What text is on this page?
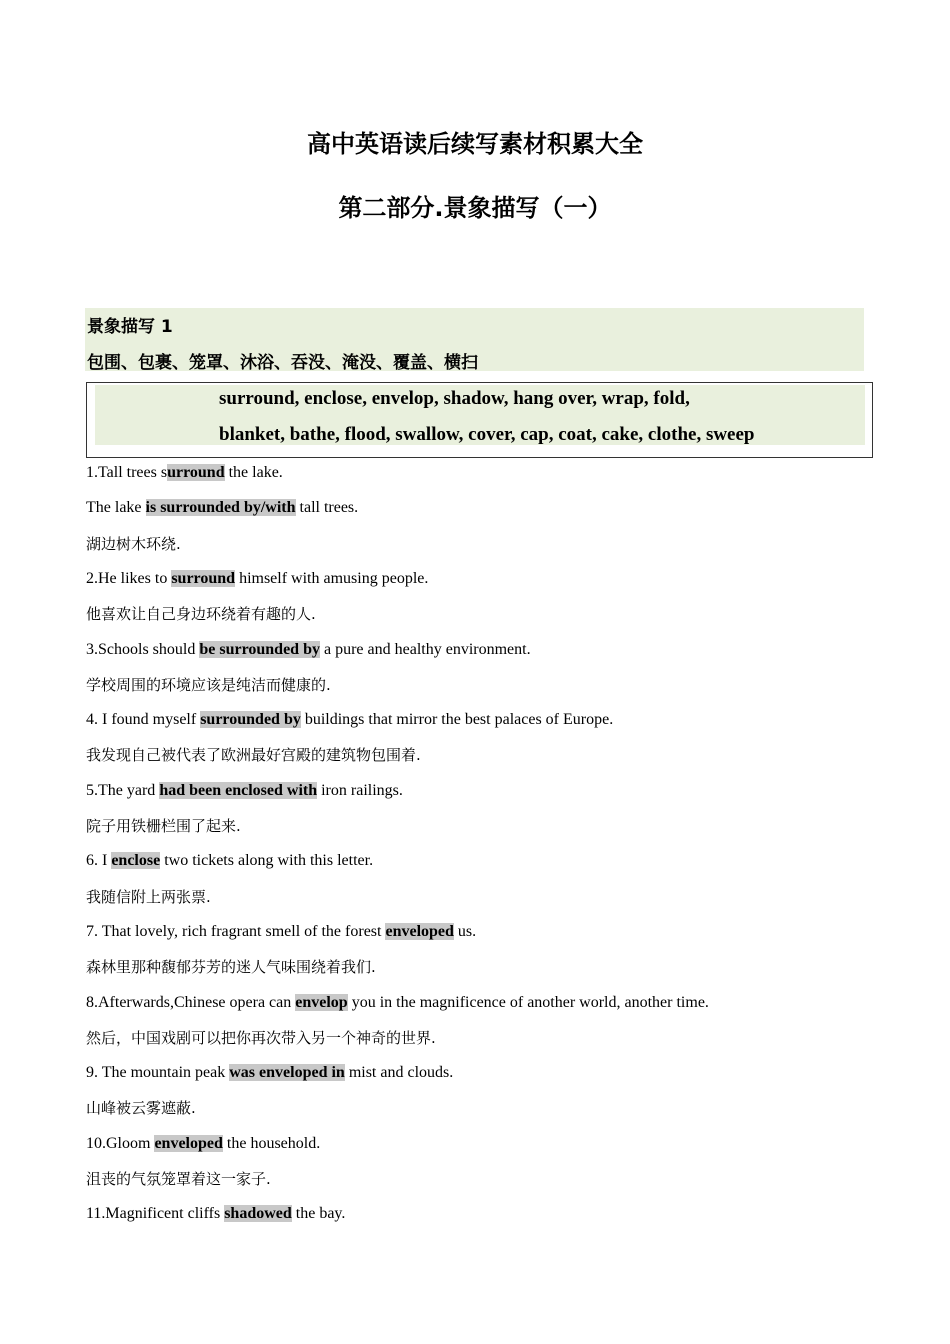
高中英语读后续写素材积累大全
第二部分.景象描写（一）
景象描写 1
包围、包裹、笼罩、沐浴、吞没、淹没、覆盖、横扫
surround, enclose, envelop, shadow, hang over, wrap, fold,
blanket, bathe, flood, swallow, cover, cap, coat, cake, clothe, sweep
1.Tall trees surround the lake.
The lake is surrounded by/with tall trees.
湖边树木环绕.
2.He likes to surround himself with amusing people.
他喜欢让自己身边环绕着有趣的人.
3.Schools should be surrounded by a pure and healthy environment.
学校周围的环境应该是纯洁而健康的.
4. I found myself surrounded by buildings that mirror the best palaces of Europe.
我发现自己被代表了欧洲最好宫殿的建筑物包围着.
5.The yard had been enclosed with iron railings.
院子用铁栅栏围了起来.
6. I enclose two tickets along with this letter.
我随信附上两张票.
7. That lovely, rich fragrant smell of the forest enveloped us.
森林里那种馥郁芬芳的迷人气味围绕着我们.
8.Afterwards,Chinese opera can envelop you in the magnificence of another world, another time.
然后，中国戏剧可以把你再次带入另一个神奇的世界.
9. The mountain peak was enveloped in mist and clouds.
山峰被云雾遮蔽.
10.Gloom enveloped the household.
沮丧的气氛笼罩着这一家子.
11.Magnificent cliffs shadowed the bay.
